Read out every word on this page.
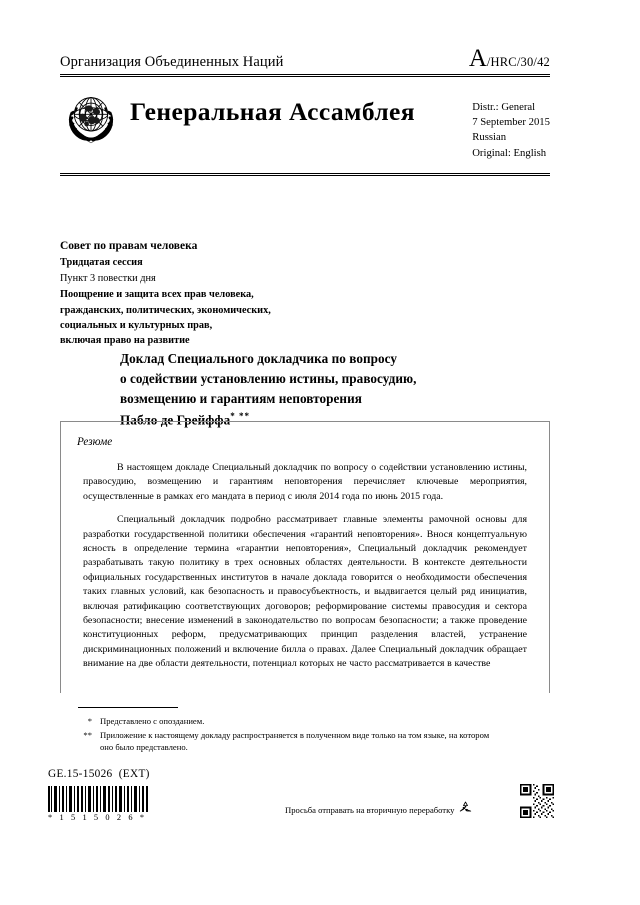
Организация Объединенных Наций	A /HRC/30/42
Генеральная Ассамблея	Distr.: General
7 September 2015
Russian
Original: English
Совет по правам человека
Тридцатая сессия
Пункт 3 повестки дня
Поощрение и защита всех прав человека,
гражданских, политических, экономических,
социальных и культурных прав,
включая право на развитие
Доклад Специального докладчика по вопросу
о содействии установлению истины, правосудию,
возмещению и гарантиям неповторения
Пабло де Грейффа* **
Резюме

В настоящем докладе Специальный докладчик по вопросу о содействии установлению истины, правосудию, возмещению и гарантиям неповторения перечисляет ключевые мероприятия, осуществленные в рамках его мандата в период с июля 2014 года по июнь 2015 года.

Специальный докладчик подробно рассматривает главные элементы рамочной основы для разработки государственной политики обеспечения «гарантий неповторения». Внося концептуальную ясность в определение термина «гарантии неповторения», Специальный докладчик рекомендует разрабатывать такую политику в трех основных областях деятельности. В контексте деятельности официальных государственных институтов в начале доклада говорится о необходимости обеспечения таких главных условий, как безопасность и правосубъектность, и выдвигается целый ряд инициатив, включая ратификацию соответствующих договоров; реформирование системы правосудия и сектора безопасности; внесение изменений в законодательство по вопросам безопасности; а также проведение конституционных реформ, предусматривающих принцип разделения властей, устранение дискриминационных положений и включение билла о правах. Далее Специальный докладчик обращает внимание на две области деятельности, потенциал которых не часто рассматривается в качестве

* Представлено с опозданием.
** Приложение к настоящему докладу распространяется в полученном виде только на том языке, на котором оно было представлено.
GE.15-15026 (EXT)
* 1 5 1 5 0 2 6 *
Просьба отправать на вторичную переработку
